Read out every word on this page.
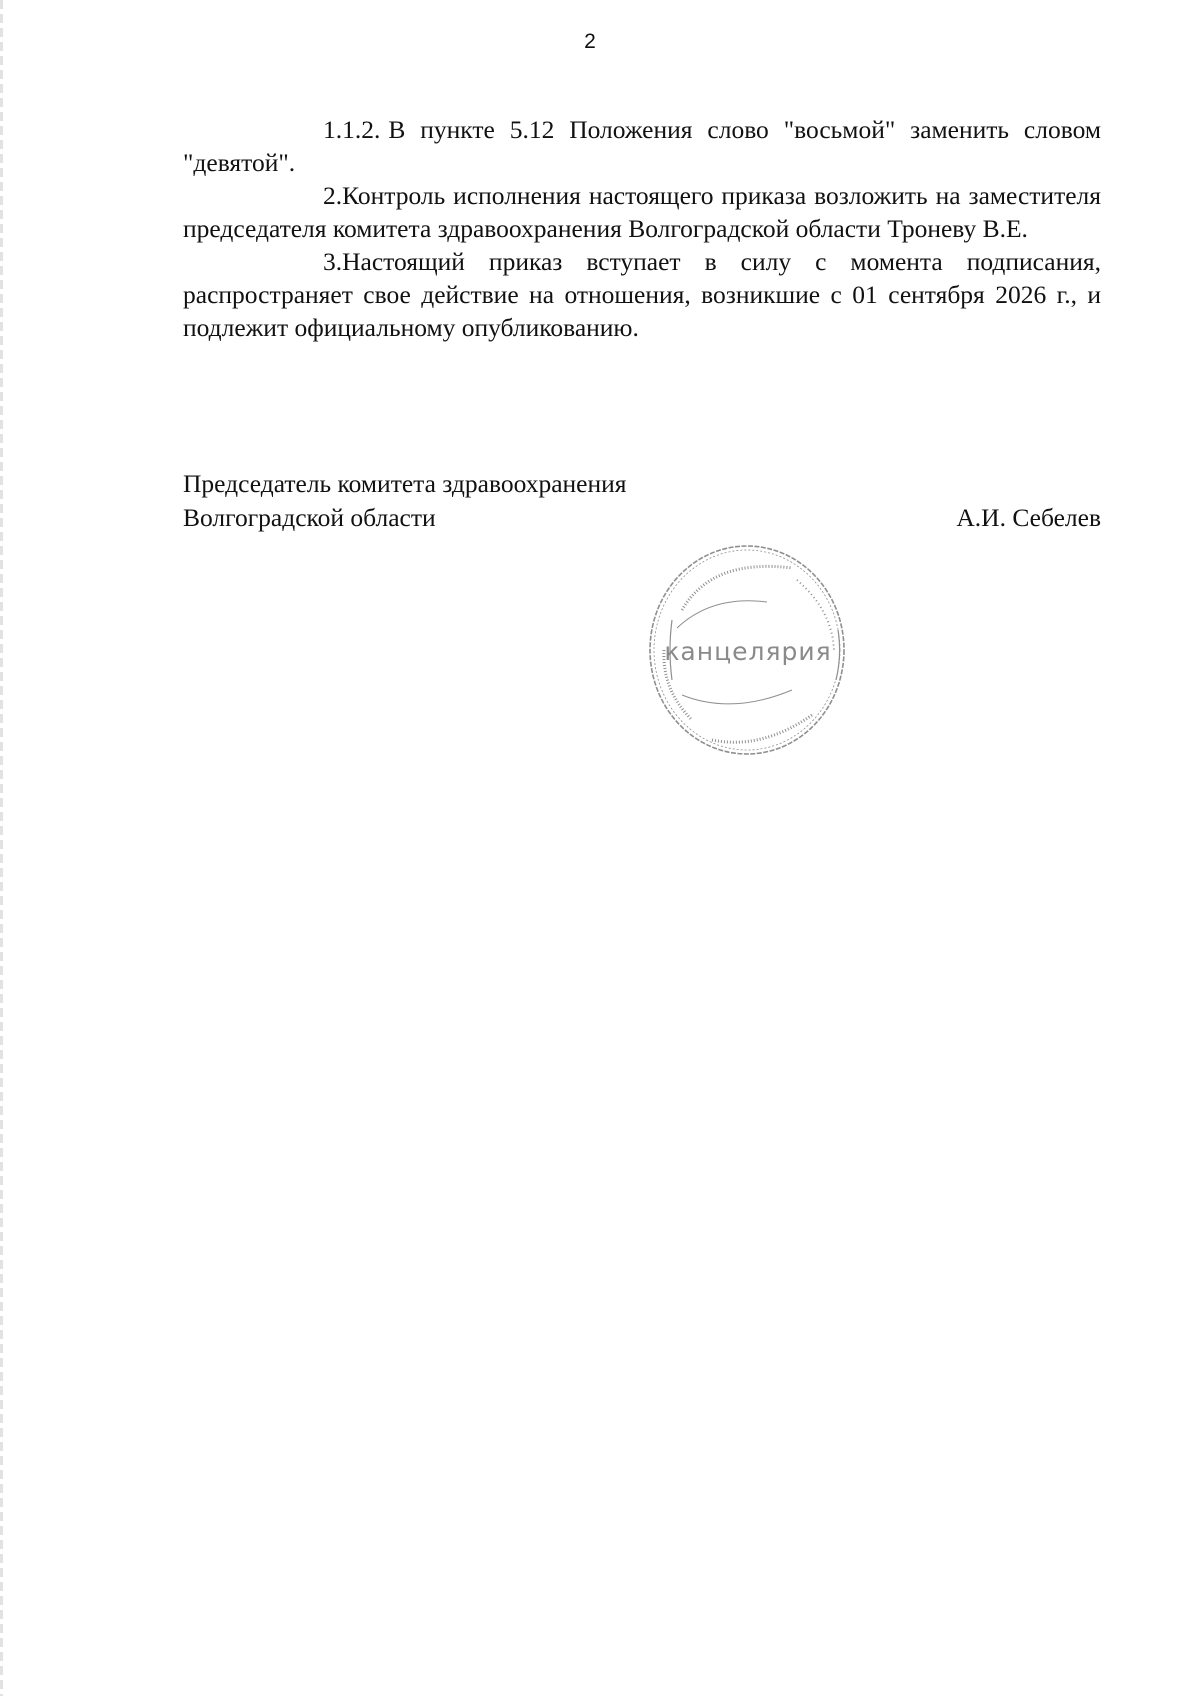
2

1.1.2. В пункте 5.12 Положения слово "восьмой" заменить словом "девятой".

2.Контроль исполнения настоящего приказа возложить на заместителя председателя комитета здравоохранения Волгоградской области Троневу В.Е.

3.Настоящий приказ вступает в силу с момента подписания, распространяет свое действие на отношения, возникшие с 01 сентября 2026 г., и подлежит официальному опубликованию.

Председатель комитета здравоохранения
Волгоградской области	А.И. Себелев
канцелярия
